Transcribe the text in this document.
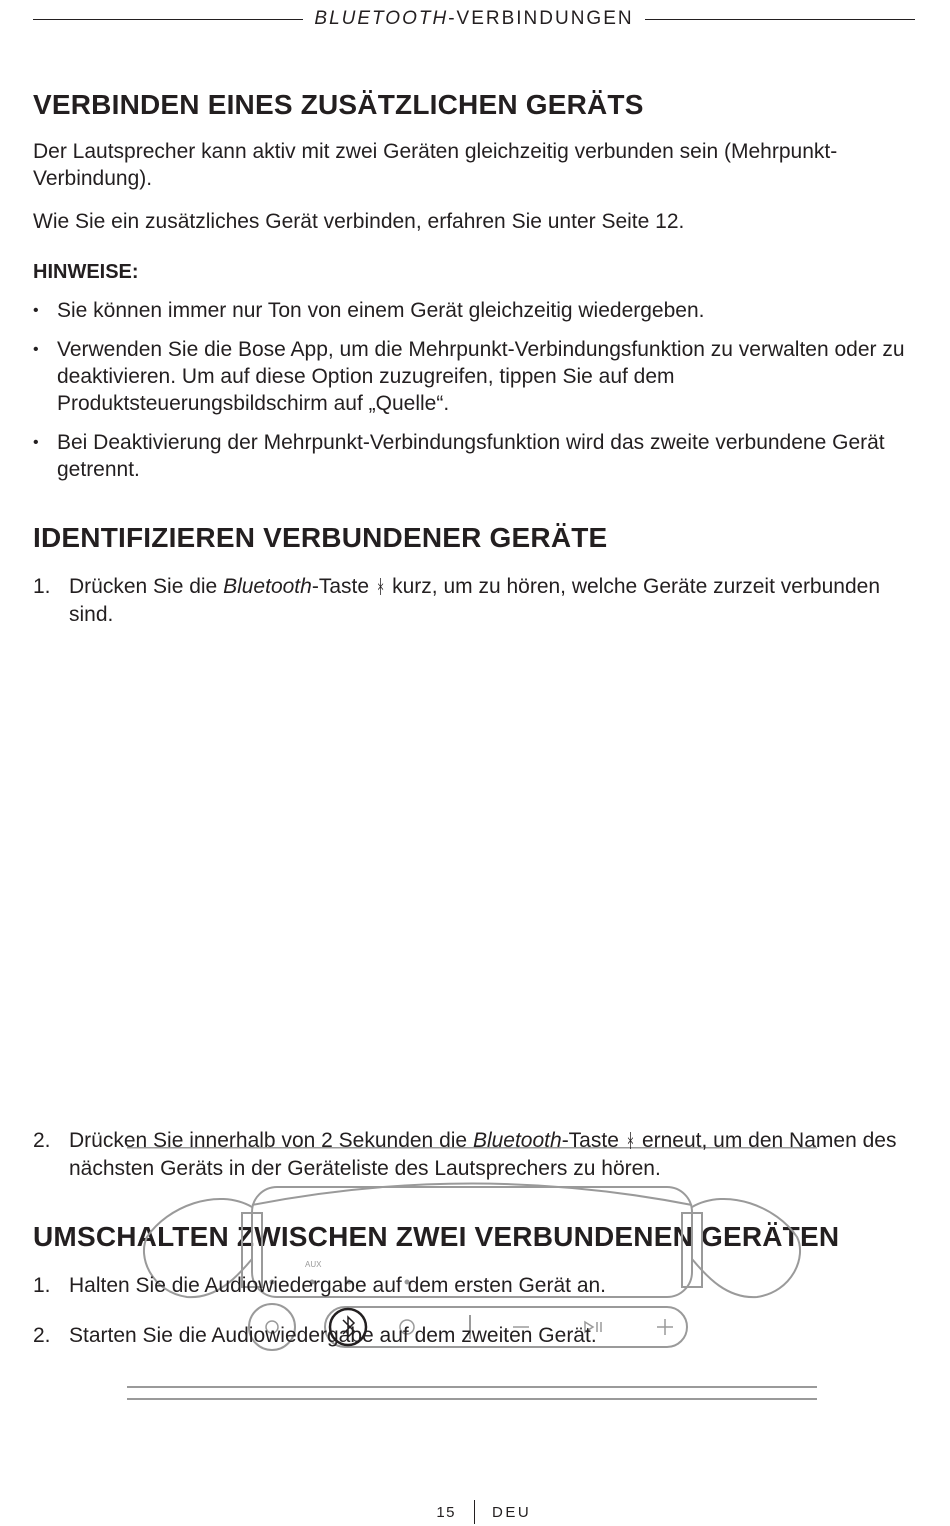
BLUETOOTH-VERBINDUNGEN
VERBINDEN EINES ZUSÄTZLICHEN GERÄTS

Der Lautsprecher kann aktiv mit zwei Geräten gleichzeitig verbunden sein (Mehrpunkt-Verbindung).

Wie Sie ein zusätzliches Gerät verbinden, erfahren Sie unter Seite 12.

HINWEISE:
• Sie können immer nur Ton von einem Gerät gleichzeitig wiedergeben.
• Verwenden Sie die Bose App, um die Mehrpunkt-Verbindungsfunktion zu verwalten oder zu deaktivieren. Um auf diese Option zuzugreifen, tippen Sie auf dem Produktsteuerungsbildschirm auf „Quelle“.
• Bei Deaktivierung der Mehrpunkt-Verbindungsfunktion wird das zweite verbundene Gerät getrennt.
IDENTIFIZIEREN VERBUNDENER GERÄTE
1. Drücken Sie die Bluetooth-Taste ᚼ kurz, um zu hören, welche Geräte zurzeit verbunden sind.
AUX
2. Drücken Sie innerhalb von 2 Sekunden die Bluetooth-Taste ᚼ erneut, um den Namen des nächsten Geräts in der Geräteliste des Lautsprechers zu hören.
UMSCHALTEN ZWISCHEN ZWEI VERBUNDENEN GERÄTEN
1. Halten Sie die Audiowiedergabe auf dem ersten Gerät an.
2. Starten Sie die Audiowiedergabe auf dem zweiten Gerät.
15 DEU
